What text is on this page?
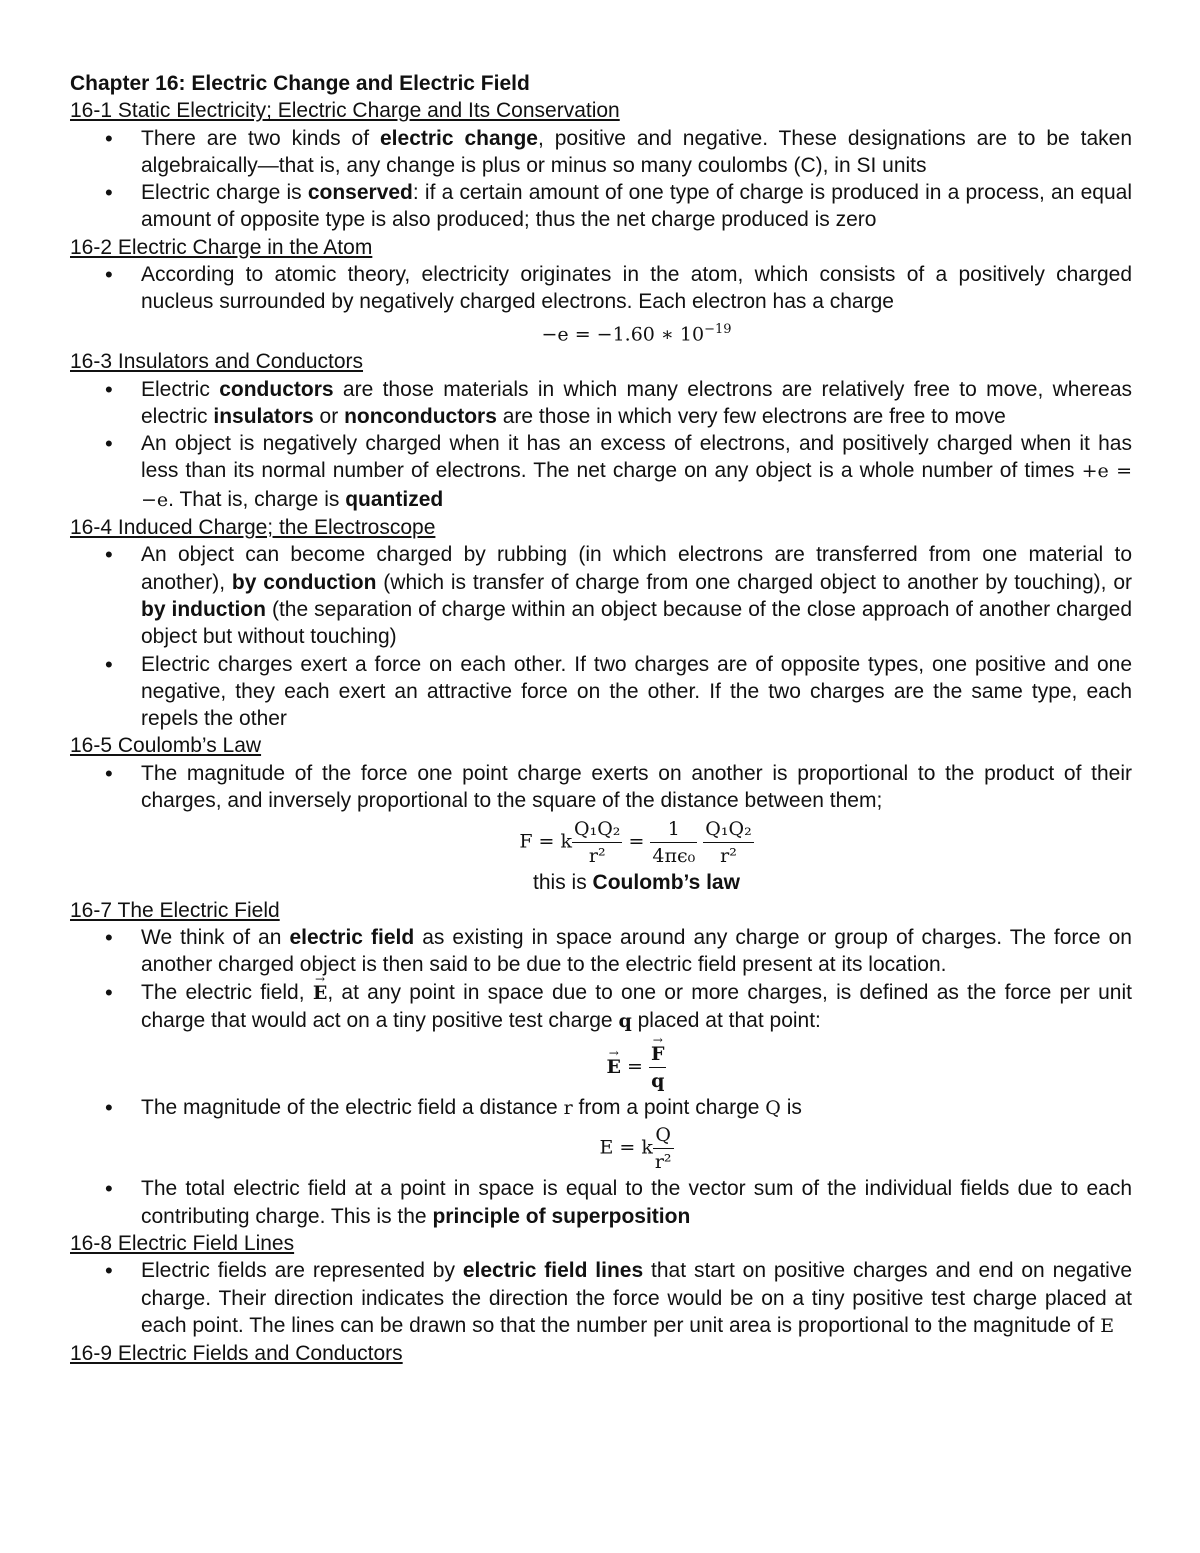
Chapter 16: Electric Change and Electric Field

16-1 Static Electricity; Electric Charge and Its Conservation

• There are two kinds of electric change, positive and negative. These designations are to be taken algebraically—that is, any change is plus or minus so many coulombs (C), in SI units
• Electric charge is conserved: if a certain amount of one type of charge is produced in a process, an equal amount of opposite type is also produced; thus the net charge produced is zero

16-2 Electric Charge in the Atom

• According to atomic theory, electricity originates in the atom, which consists of a positively charged nucleus surrounded by negatively charged electrons. Each electron has a charge
−e = −1.60 ∗ $10^{-19}$

16-3 Insulators and Conductors

• Electric conductors are those materials in which many electrons are relatively free to move, whereas electric insulators or nonconductors are those in which very few electrons are free to move
• An object is negatively charged when it has an excess of electrons, and positively charged when it has less than its normal number of electrons. The net charge on any object is a whole number of times +e = −e. That is, charge is quantized

16-4 Induced Charge; the Electroscope

• An object can become charged by rubbing (in which electrons are transferred from one material to another), by conduction (which is transfer of charge from one charged object to another by touching), or by induction (the separation of charge within an object because of the close approach of another charged object but without touching)
• Electric charges exert a force on each other. If two charges are of opposite types, one positive and one negative, they each exert an attractive force on the other. If the two charges are the same type, each repels the other

16-5 Coulomb’s Law

• The magnitude of the force one point charge exerts on another is proportional to the product of their charges, and inversely proportional to the square of the distance between them;
F = k $\frac{\text{Q₁Q₂}}{\text{r²}} = \frac{1}{\text{4πϵ₀}}$
$\frac{\text{Q₁Q₂}}{\text{r²}}$
this is Coulomb’s law

16-7 The Electric Field

• We think of an electric field as existing in space around any charge or group of charges. The force on another charged object is then said to be due to the electric field present at its location.
• The electric field, → E, at any point in space due to one or more charges, is defined as the force per unit charge that would act on a tiny positive test charge q placed at that point:
→ E =
→ $\frac{F}{q}$
• The magnitude of the electric field a distance r from a point charge Q is
E = k $\frac{Q}{\text{r²}}$
• The total electric field at a point in space is equal to the vector sum of the individual fields due to each contributing charge. This is the principle of superposition

16-8 Electric Field Lines

• Electric fields are represented by electric field lines that start on positive charges and end on negative charge. Their direction indicates the direction the force would be on a tiny positive test charge placed at each point. The lines can be drawn so that the number per unit area is proportional to the magnitude of E

16-9 Electric Fields and Conductors
